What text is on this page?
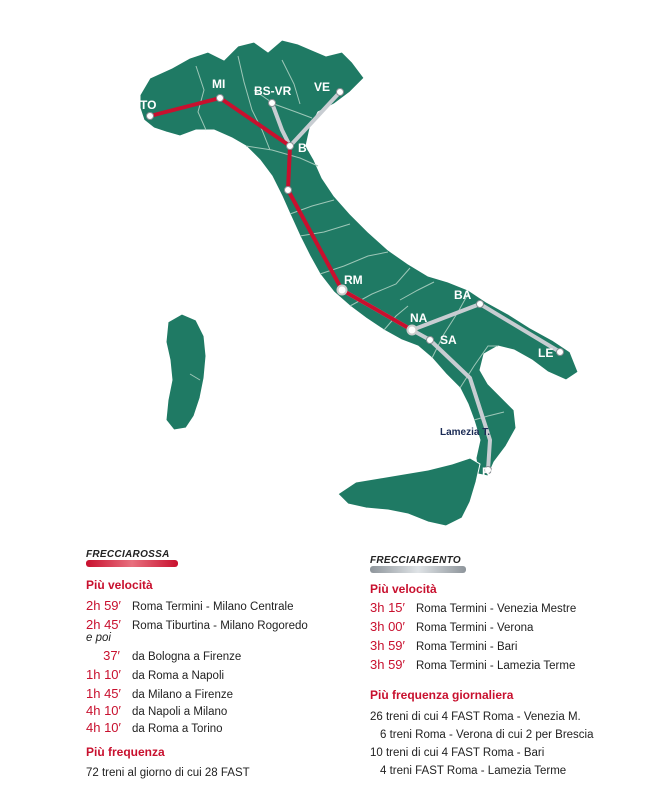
TO
MI BS-VR VE
BO
FI
RM
NA
SA
BA
LE
Lamezia T.
RC
FRECCIAROSSA
Più velocità
2h 59′ Roma Termini - Milano Centrale
2h 45′ Roma Tiburtina - Milano Rogoredo
e poi
37′ da Bologna a Firenze
1h 10′ da Roma a Napoli
1h 45′ da Milano a Firenze
4h 10′ da Napoli a Milano
4h 10′ da Roma a Torino
Più frequenza
72 treni al giorno di cui 28 FAST
FRECCIARGENTO
Più velocità
3h 15′ Roma Termini - Venezia Mestre
3h 00′ Roma Termini - Verona
3h 59′ Roma Termini - Bari
3h 59′ Roma Termini - Lamezia Terme
Più frequenza giornaliera
26 treni di cui 4 FAST Roma - Venezia M.
6 treni Roma - Verona di cui 2 per Brescia
10 treni di cui 4 FAST Roma - Bari
4 treni FAST Roma - Lamezia Terme
